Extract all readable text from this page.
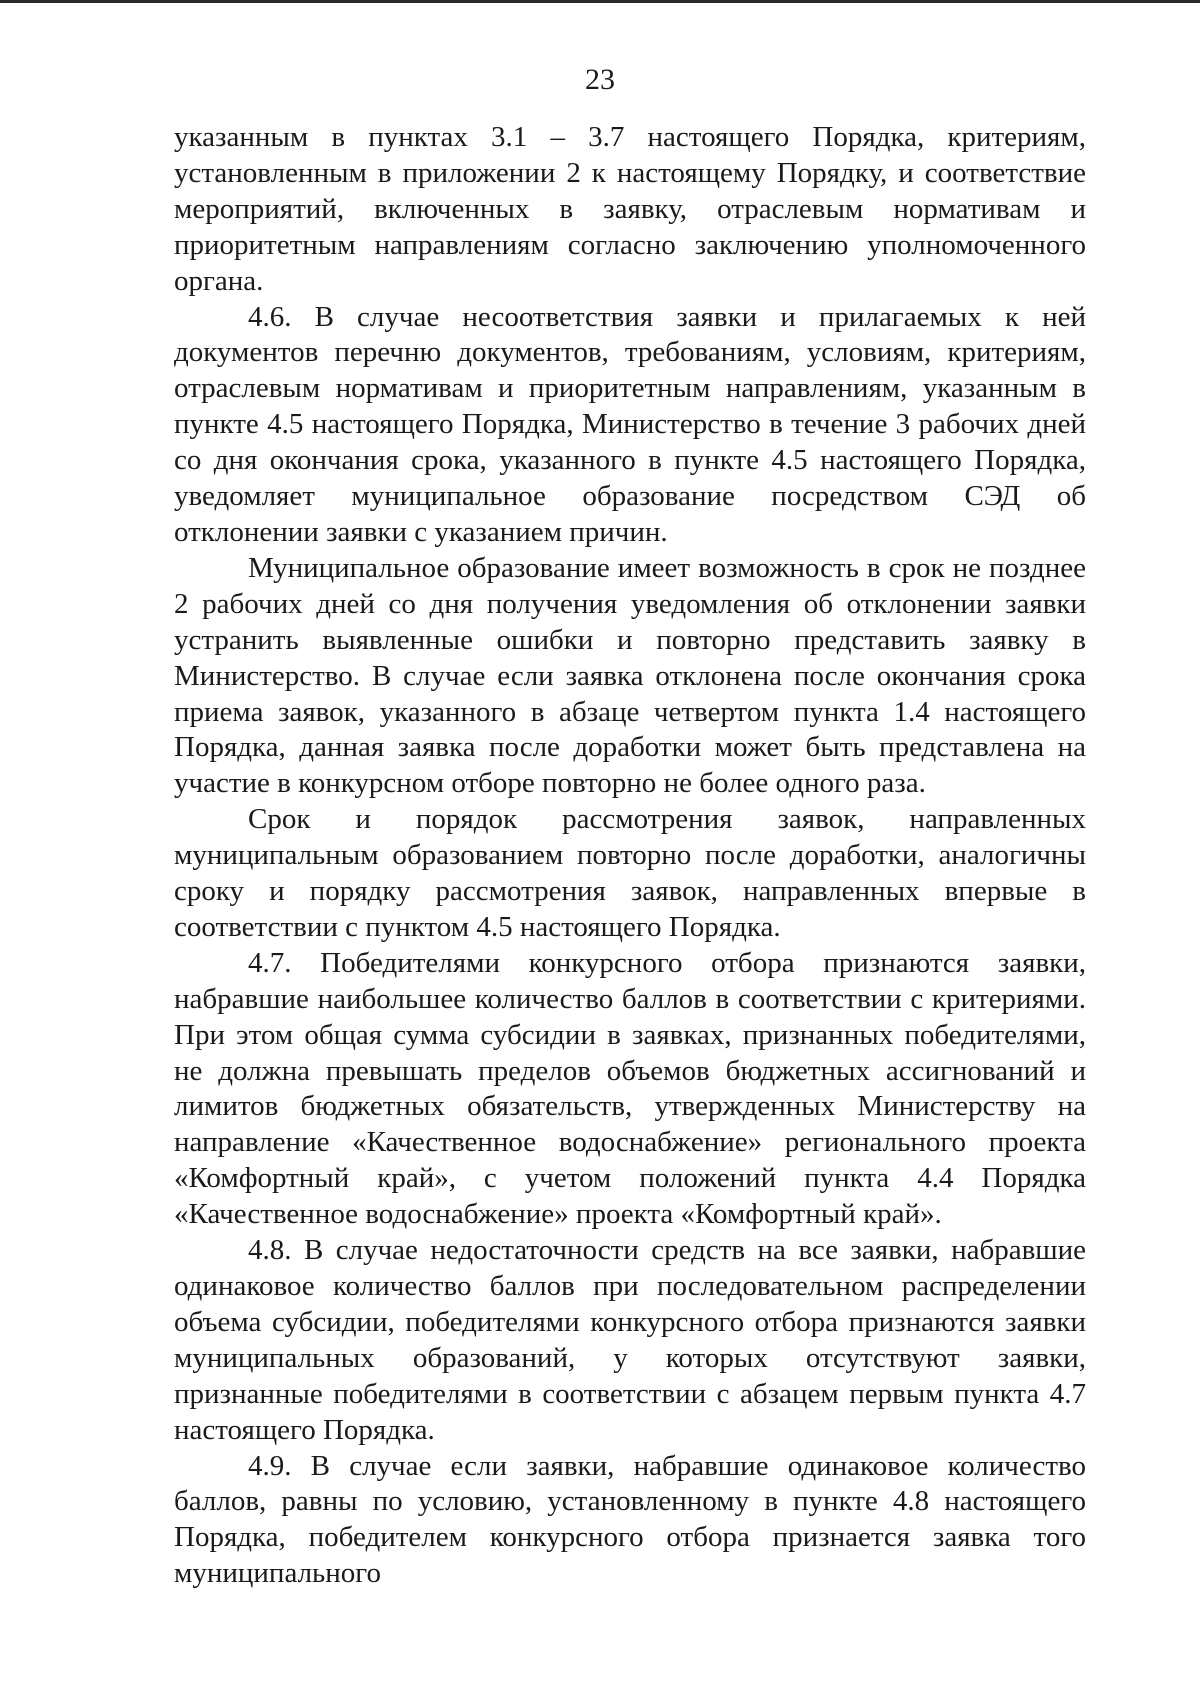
23

указанным в пунктах 3.1 – 3.7 настоящего Порядка, критериям, установленным в приложении 2 к настоящему Порядку, и соответствие мероприятий, включенных в заявку, отраслевым нормативам и приоритетным направлениям согласно заключению уполномоченного органа.

4.6. В случае несоответствия заявки и прилагаемых к ней документов перечню документов, требованиям, условиям, критериям, отраслевым нормативам и приоритетным направлениям, указанным в пункте 4.5 настоящего Порядка, Министерство в течение 3 рабочих дней со дня окончания срока, указанного в пункте 4.5 настоящего Порядка, уведомляет муниципальное образование посредством СЭД об отклонении заявки с указанием причин.

Муниципальное образование имеет возможность в срок не позднее 2 рабочих дней со дня получения уведомления об отклонении заявки устранить выявленные ошибки и повторно представить заявку в Министерство. В случае если заявка отклонена после окончания срока приема заявок, указанного в абзаце четвертом пункта 1.4 настоящего Порядка, данная заявка после доработки может быть представлена на участие в конкурсном отборе повторно не более одного раза.

Срок и порядок рассмотрения заявок, направленных муниципальным образованием повторно после доработки, аналогичны сроку и порядку рассмотрения заявок, направленных впервые в соответствии с пунктом 4.5 настоящего Порядка.

4.7. Победителями конкурсного отбора признаются заявки, набравшие наибольшее количество баллов в соответствии с критериями. При этом общая сумма субсидии в заявках, признанных победителями, не должна превышать пределов объемов бюджетных ассигнований и лимитов бюджетных обязательств, утвержденных Министерству на направление «Качественное водоснабжение» регионального проекта «Комфортный край», с учетом положений пункта 4.4 Порядка «Качественное водоснабжение» проекта «Комфортный край».

4.8. В случае недостаточности средств на все заявки, набравшие одинаковое количество баллов при последовательном распределении объема субсидии, победителями конкурсного отбора признаются заявки муниципальных образований, у которых отсутствуют заявки, признанные победителями в соответствии с абзацем первым пункта 4.7 настоящего Порядка.

4.9. В случае если заявки, набравшие одинаковое количество баллов, равны по условию, установленному в пункте 4.8 настоящего Порядка, победителем конкурсного отбора признается заявка того муниципального
